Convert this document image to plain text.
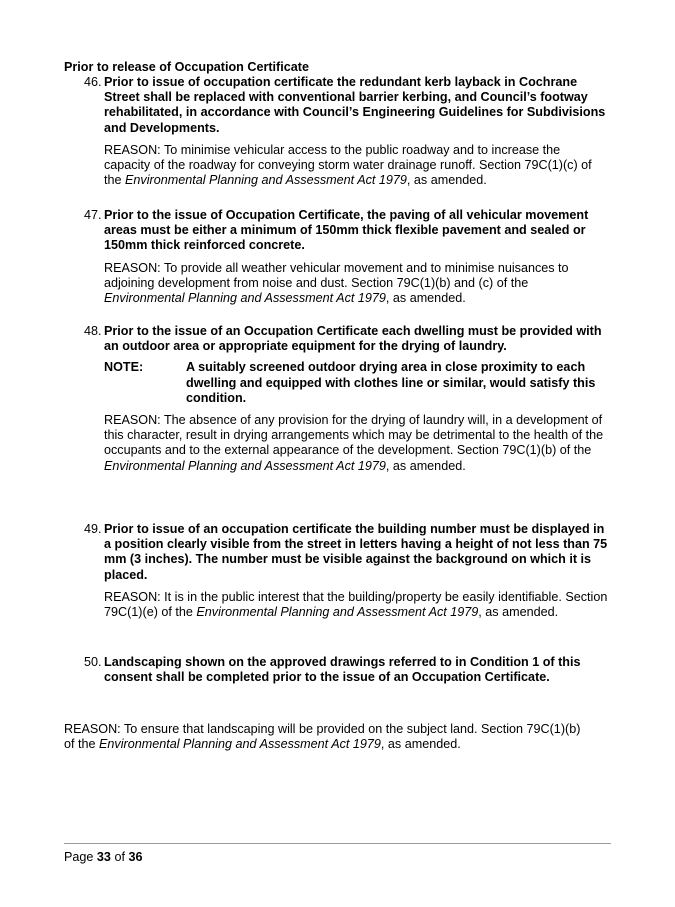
Prior to release of Occupation Certificate
46. Prior to issue of occupation certificate the redundant kerb layback in Cochrane Street shall be replaced with conventional barrier kerbing, and Council’s footway rehabilitated, in accordance with Council’s Engineering Guidelines for Subdivisions and Developments.
REASON: To minimise vehicular access to the public roadway and to increase the capacity of the roadway for conveying storm water drainage runoff. Section 79C(1)(c) of the Environmental Planning and Assessment Act 1979, as amended.
47. Prior to the issue of Occupation Certificate, the paving of all vehicular movement areas must be either a minimum of 150mm thick flexible pavement and sealed or 150mm thick reinforced concrete.
REASON: To provide all weather vehicular movement and to minimise nuisances to adjoining development from noise and dust. Section 79C(1)(b) and (c) of the Environmental Planning and Assessment Act 1979, as amended.
48. Prior to the issue of an Occupation Certificate each dwelling must be provided with an outdoor area or appropriate equipment for the drying of laundry.
NOTE:	A suitably screened outdoor drying area in close proximity to each dwelling and equipped with clothes line or similar, would satisfy this condition.
REASON: The absence of any provision for the drying of laundry will, in a development of this character, result in drying arrangements which may be detrimental to the health of the occupants and to the external appearance of the development. Section 79C(1)(b) of the Environmental Planning and Assessment Act 1979, as amended.
49. Prior to issue of an occupation certificate the building number must be displayed in a position clearly visible from the street in letters having a height of not less than 75 mm (3 inches). The number must be visible against the background on which it is placed.
REASON: It is in the public interest that the building/property be easily identifiable. Section 79C(1)(e) of the Environmental Planning and Assessment Act 1979, as amended.
50. Landscaping shown on the approved drawings referred to in Condition 1 of this consent shall be completed prior to the issue of an Occupation Certificate.
REASON: To ensure that landscaping will be provided on the subject land. Section 79C(1)(b) of the Environmental Planning and Assessment Act 1979, as amended.
Page 33 of 36
